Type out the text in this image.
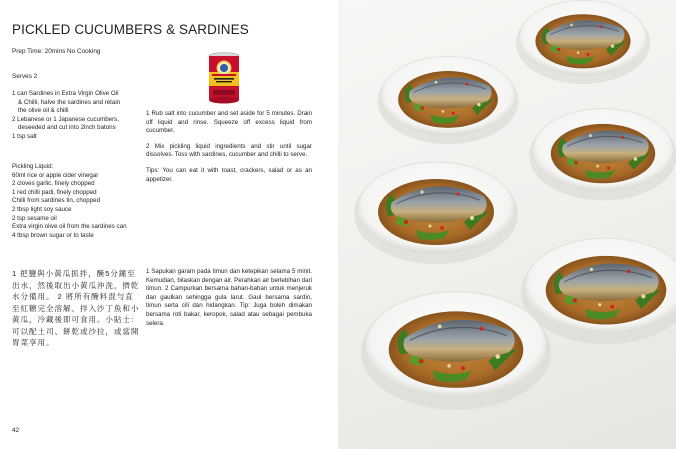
PICKLED CUCUMBERS & SARDINES
Prep Time: 20mins No Cooking
Serves 2
1 can Sardines in Extra Virgin Olive Oil
& Chilli, halve the sardines and retain
the olive oil & chilli
2 Lebanese or 1 Japanese cucumbers,
deseeded and cut into 2inch batons
1 tsp salt
Pickling Liquid:
60ml rice or apple cider vinegar
2 cloves garlic, finely chopped
1 red chilli padi, finely chopped
Chilli from sardines tin, chopped
2 tbsp light soy sauce
2 tsp sesame oil
Extra virgin olive oil from the sardines can
4 tbsp brown sugar or to taste

1 Rub salt into cucumber and set aside for 5 minutes. Drain off liquid and rinse. Squeeze off excess liquid from cucumber.

2 Mix pickling liquid ingredients and stir until sugar dissolves. Toss with sardines, cucumber and chilli to serve.

Tips: You can eat it with toast, crackers, salad or as an appetizer.

1 把鹽與小黃瓜抓拌，醃5分鐘至出水，然後取出小黃瓜沖洗，擠乾水分備用。 2 將所有醃料混勻直至紅糖完全溶解。拌入沙丁魚和小黃瓜，冷藏後即可食用。小貼士：可以配土司、餅乾或沙拉，或當開胃菜享用。
1 Sapukan garam pada timun dan ketepikan selama 5 minit. Kemudian, bilaskan dengan air. Perahkan air berlebihan dari timun. 2 Campurkan bersama bahan-bahan untuk menjeruk dan gaulkan sehingga gula larut. Gaul bersama sardin, timun serta cili dan hidangkan. Tip: Juga boleh dimakan bersama roti bakar, keropok, salad atau sebagai pembuka selera.
42
